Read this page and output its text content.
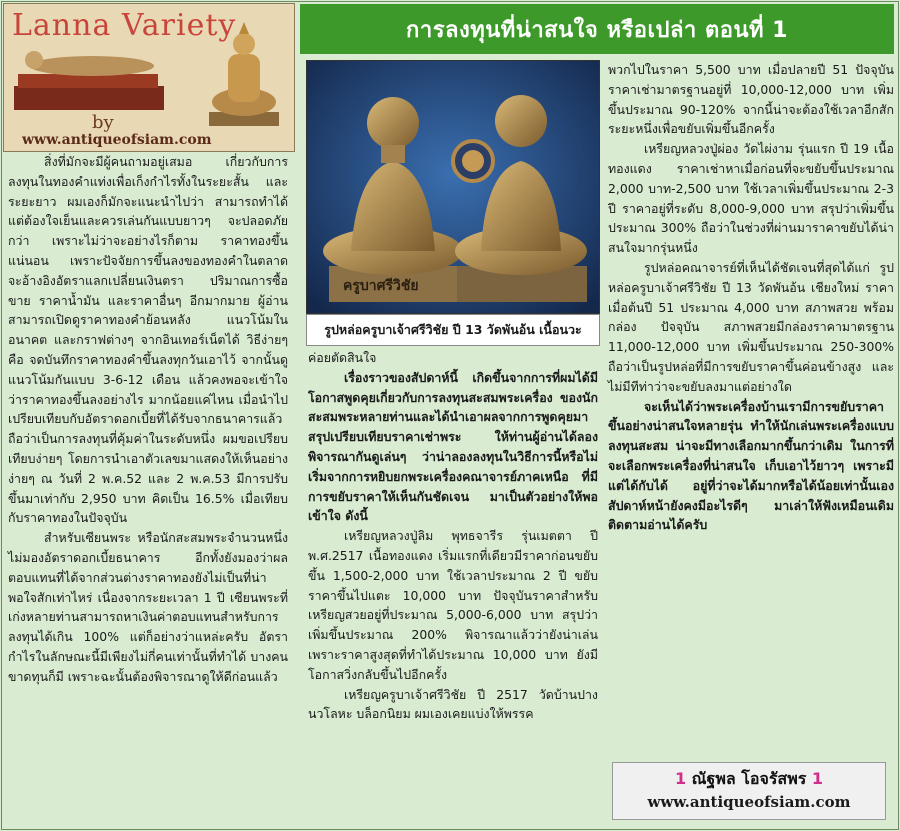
Lanna Variety
by
www.antiqueofsiam.com
การลงทุนที่น่าสนใจ หรือเปล่า ตอนที่ 1

สิ่งที่มักจะมีผู้คนถามอยู่เสมอ เกี่ยวกับการลงทุนในทองคำแท่งเพื่อเก็งกำไรทั้งในระยะสั้น และระยะยาว ผมเองก็มักจะแนะนำไปว่า สามารถทำได้แต่ต้องใจเย็นและควรเล่นกันแบบยาวๆ จะปลอดภัยกว่า เพราะไม่ว่าจะอย่างไรก็ตาม ราคาทองขึ้นแน่นอน เพราะปัจจัยการขึ้นลงของทองคำในตลาด จะอ้างอิงอัตราแลกเปลี่ยนเงินตรา ปริมาณการซื้อขาย ราคาน้ำมัน และราคาอื่นๆ อีกมากมาย ผู้อ่านสามารถเปิดดูราคาทองคำย้อนหลัง แนวโน้มในอนาคต และกราฟต่างๆ จากอินเทอร์เน็ตได้ วิธีง่ายๆ คือ จดบันทึกราคาทองคำขึ้นลงทุกวันเอาไว้ จากนั้นดูแนวโน้มกันแบบ 3-6-12 เดือน แล้วคงพอจะเข้าใจว่าราคาทองขึ้นลงอย่างไร มากน้อยแค่ไหน เมื่อนำไปเปรียบเทียบกับอัตราดอกเบี้ยที่ได้รับจากธนาคารแล้ว ถือว่าเป็นการลงทุนที่คุ้มค่าในระดับหนึ่ง ผมขอเปรียบเทียบง่ายๆ โดยการนำเอาตัวเลขมาแสดงให้เห็นอย่างง่ายๆ ณ วันที่ 2 พ.ค.52 และ 2 พ.ค.53 มีการปรับขึ้นมาเท่ากับ 2,950 บาท คิดเป็น 16.5% เมื่อเทียบกับราคาทองในปัจจุบัน

สำหรับเซียนพระ หรือนักสะสมพระจำนวนหนึ่ง ไม่มองอัตราดอกเบี้ยธนาคาร อีกทั้งยังมองว่าผลตอบแทนที่ได้จากส่วนต่างราคาทองยังไม่เป็นที่น่าพอใจสักเท่าไหร่ เนื่องจากระยะเวลา 1 ปี เซียนพระที่เก่งหลายท่านสามารถหาเงินค่าตอบแทนสำหรับการลงทุนได้เกิน 100% แต่ก็อย่างว่าแหล่ะครับ อัตรากำไรในลักษณะนี้มีเพียงไม่กี่คนเท่านั้นที่ทำได้ บางคนขาดทุนก็มี เพราะฉะนั้นต้องพิจารณาดูให้ดีก่อนแล้ว

ครูบาศรีวิชัย
รูปหล่อครูบาเจ้าศรีวิชัย ปี 13 วัดพันอ้น เนื้อนวะ

ค่อยตัดสินใจ

เรื่องราวของสัปดาห์นี้ เกิดขึ้นจากการที่ผมได้มีโอกาสพูดคุยเกี่ยวกับการลงทุนสะสมพระเครื่อง ของนักสะสมพระหลายท่านและได้นำเอาผลจากการพูดคุยมาสรุปเปรียบเทียบราคาเช่าพระ ให้ท่านผู้อ่านได้ลองพิจารณากันดูเล่นๆ ว่าน่าลองลงทุนในวิธีการนี้หรือไม่ เริ่มจากการหยิบยกพระเครื่องคณาจารย์ภาคเหนือ ที่มีการขยับราคาให้เห็นกันชัดเจน มาเป็นตัวอย่างให้พอเข้าใจ ดังนี้

เหรียญหลวงปู่ลิม พุทธจารีร รุ่นเมตตา ปี พ.ศ.2517 เนื้อทองแดง เริ่มแรกที่เดียวมีราคาก่อนขยับขึ้น 1,500-2,000 บาท ใช้เวลาประมาณ 2 ปี ขยับราคาขึ้นไปแตะ 10,000 บาท ปัจจุบันราคาสำหรับเหรียญสวยอยู่ที่ประมาณ 5,000-6,000 บาท สรุปว่าเพิ่มขึ้นประมาณ 200% พิจารณาแล้วว่ายังน่าเล่นเพราะราคาสูงสุดที่ทำได้ประมาณ 10,000 บาท ยังมีโอกาสวิ่งกลับขึ้นไปอีกครั้ง

เหรียญครูบาเจ้าศรีวิชัย ปี 2517 วัดบ้านปาง นวโลหะ บล็อกนิยม ผมเองเคยแบ่งให้พรรค

พวกไปในราคา 5,500 บาท เมื่อปลายปี 51 ปัจจุบันราคาเช่ามาตรฐานอยู่ที่ 10,000-12,000 บาท เพิ่มขึ้นประมาณ 90-120% จากนี้น่าจะต้องใช้เวลาอีกสักระยะหนึ่งเพื่อขยับเพิ่มขึ้นอีกครั้ง

เหรียญหลวงปู่ผ่อง วัดไผ่งาม รุ่นแรก ปี 19 เนื้อทองแดง ราคาเช่าหาเมื่อก่อนที่จะขยับขึ้นประมาณ 2,000 บาท-2,500 บาท ใช้เวลาเพิ่มขึ้นประมาณ 2-3 ปี ราคาอยู่ที่ระดับ 8,000-9,000 บาท สรุปว่าเพิ่มขึ้นประมาณ 300% ถือว่าในช่วงที่ผ่านมาราคาขยับได้น่าสนใจมากรุ่นหนึ่ง

รูปหล่อคณาจารย์ที่เห็นได้ชัดเจนที่สุดได้แก่ รูปหล่อครูบาเจ้าศรีวิชัย ปี 13 วัดพันอ้น เชียงใหม่ ราคาเมื่อต้นปี 51 ประมาณ 4,000 บาท สภาพสวย พร้อมกล่อง ปัจจุบัน สภาพสวยมีกล่องราคามาตรฐาน 11,000-12,000 บาท เพิ่มขึ้นประมาณ 250-300% ถือว่าเป็นรูปหล่อที่มีการขยับราคาขึ้นค่อนข้างสูง และไม่มีทีท่าว่าจะขยับลงมาแต่อย่างใด

จะเห็นได้ว่าพระเครื่องบ้านเรามีการขยับราคาขึ้นอย่างน่าสนใจหลายรุ่น ทำให้นักเล่นพระเครื่องแบบลงทุนสะสม น่าจะมีทางเลือกมากขึ้นกว่าเดิม ในการที่จะเลือกพระเครื่องที่น่าสนใจ เก็บเอาไว้ยาวๆ เพราะมีแต่ได้กับได้ อยู่ที่ว่าจะได้มากหรือได้น้อยเท่านั้นเอง สัปดาห์หน้ายังคงมีอะไรดีๆ มาเล่าให้ฟังเหมือนเดิม ติดตามอ่านได้ครับ

1 ณัฐพล โอจรัสพร 1
www.antiqueofsiam.com
